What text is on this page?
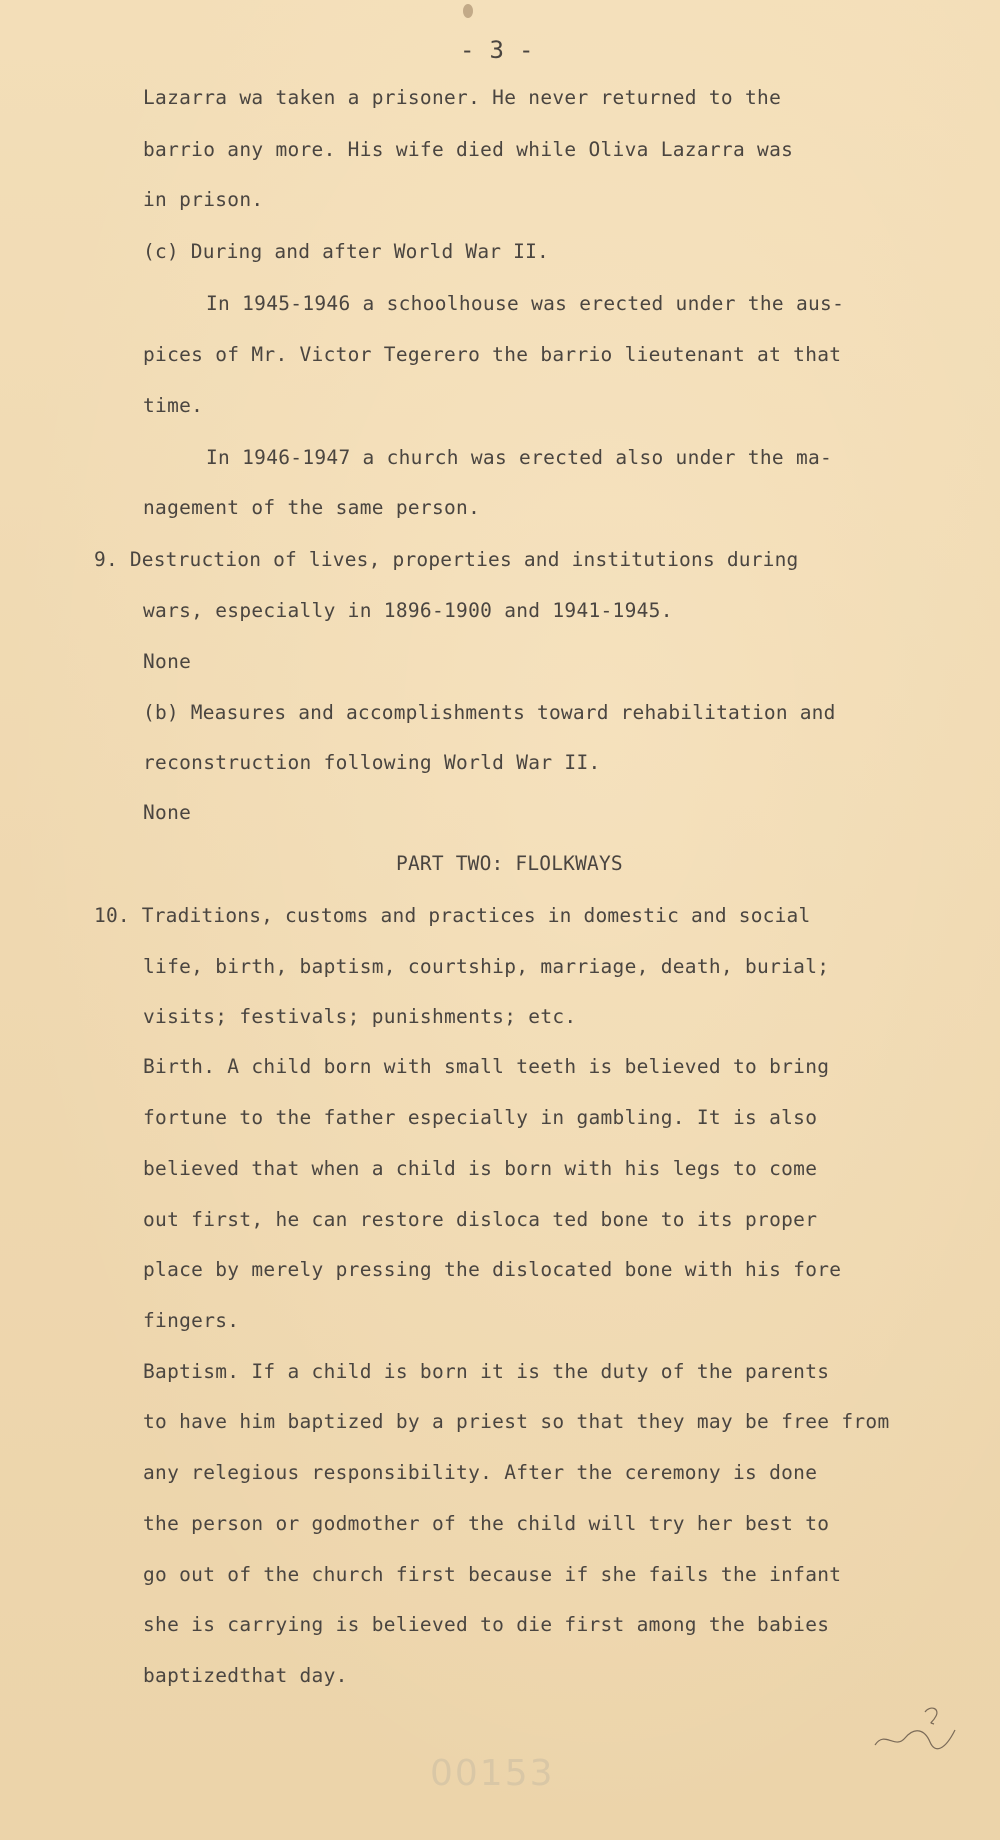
- 3 -
Lazarra wa taken a prisoner. He never returned to the
barrio any more. His wife died while Oliva Lazarra was
in prison.
(c) During and after World War II.
In 1945-1946 a schoolhouse was erected under the aus-
pices of Mr. Victor Tegerero the barrio lieutenant at that
time.
In 1946-1947 a church was erected also under the ma-
nagement of the same person.
9. Destruction of lives, properties and institutions during
wars, especially in 1896-1900 and 1941-1945.
None
(b) Measures and accomplishments toward rehabilitation and
reconstruction following World War II.
None
PART TWO: FLOLKWAYS
10. Traditions, customs and practices in domestic and social
life, birth, baptism, courtship, marriage, death, burial;
visits; festivals; punishments; etc.
Birth. A child born with small teeth is believed to bring
fortune to the father especially in gambling. It is also
believed that when a child is born with his legs to come
out first, he can restore disloca ted bone to its proper
place by merely pressing the dislocated bone with his fore
fingers.
Baptism. If a child is born it is the duty of the parents
to have him baptized by a priest so that they may be free from
any relegious responsibility. After the ceremony is done
the person or godmother of the child will try her best to
go out of the church first because if she fails the infant
she is carrying is believed to die first among the babies
baptizedthat day.
00153
